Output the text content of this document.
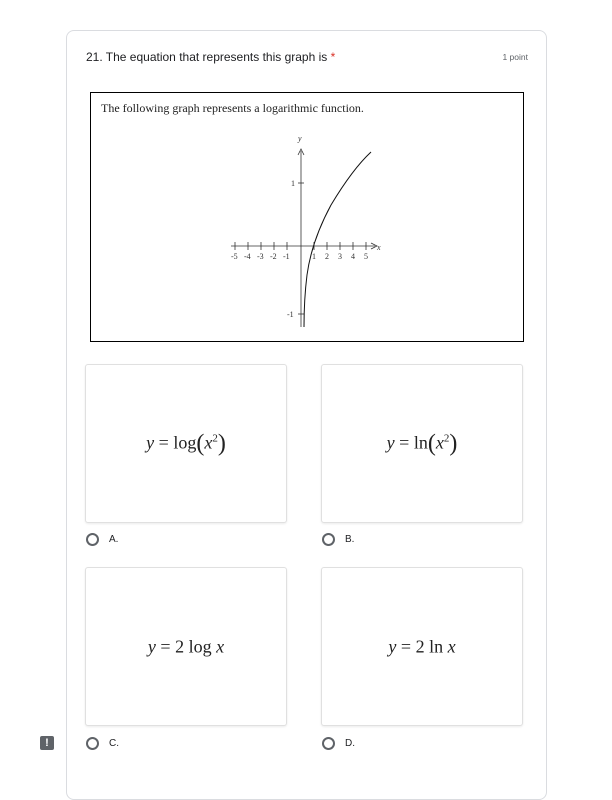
21. The equation that represents this graph is *	1 point
The following graph represents a logarithmic function.
y
x
-5 -4 -3 -2 -1	1 2 3 4 5
1
-1
$y = \log(x^2)$
A.
$y = \ln(x^2)$
B.
y = 2 log x
C.
y = 2 ln x
D.
!
